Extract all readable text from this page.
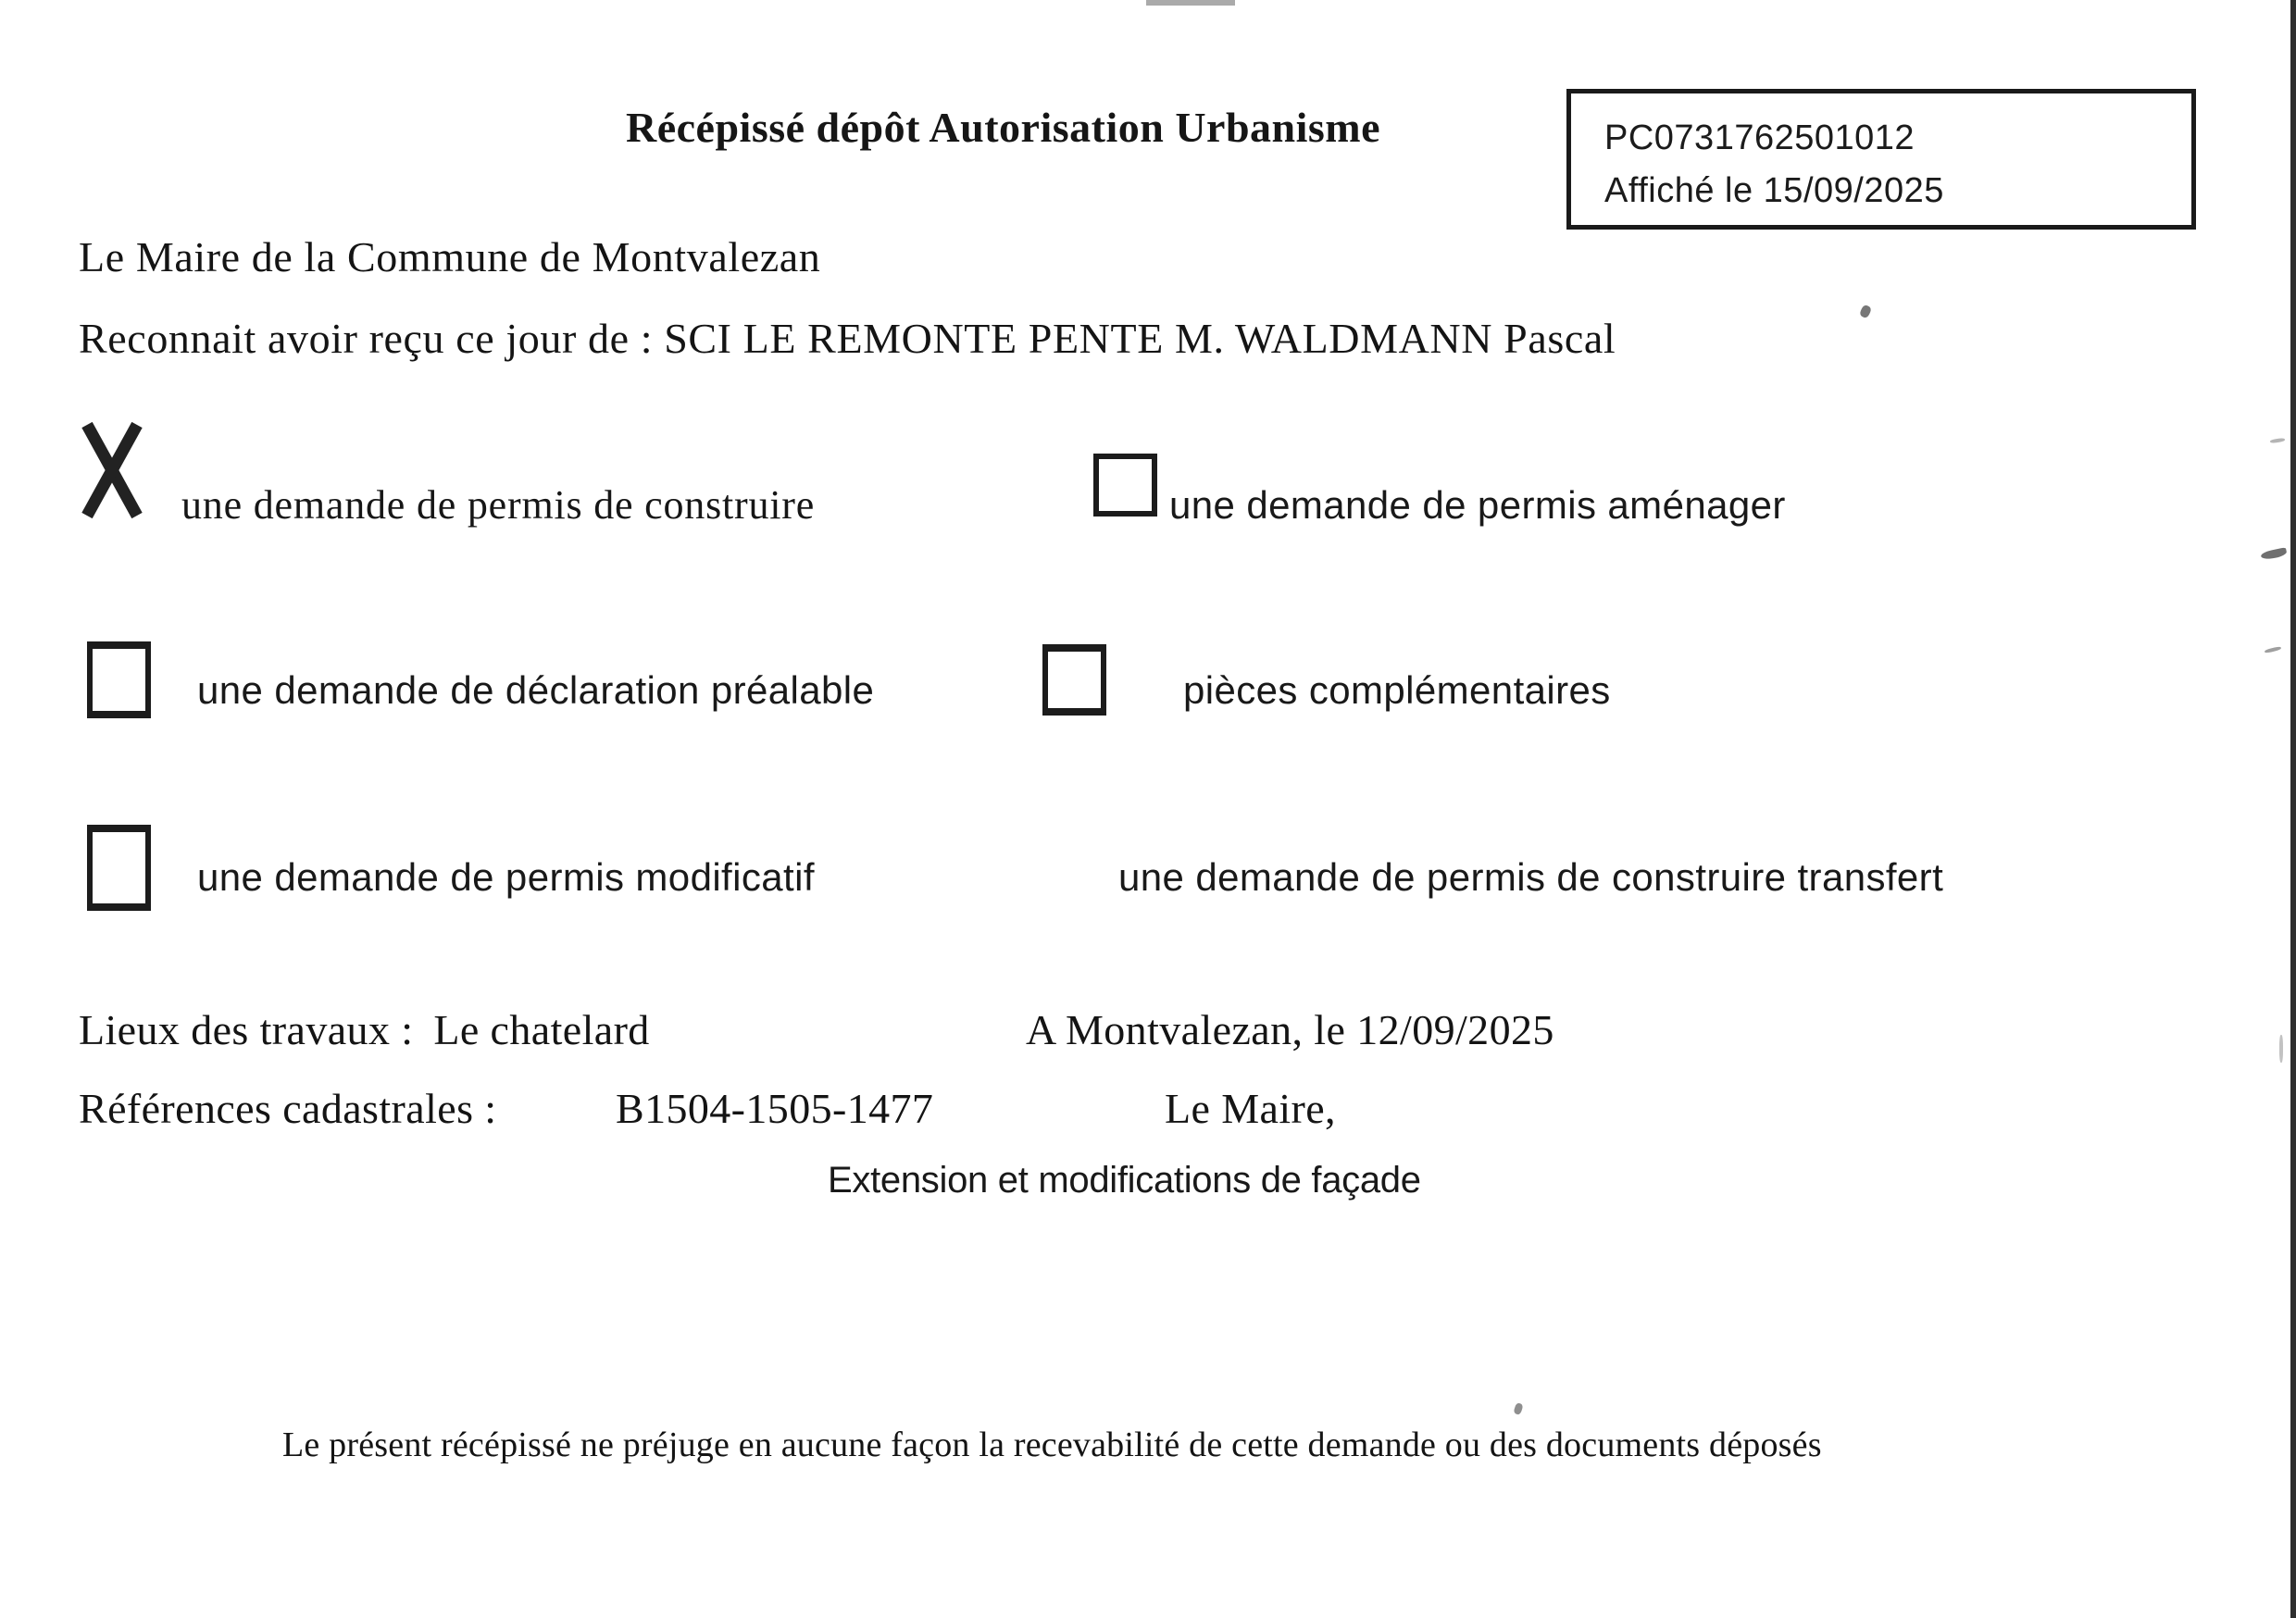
Récépissé dépôt Autorisation Urbanisme	PC0731762501012
Affiché le 15/09/2025
Le Maire de la Commune de Montvalezan
Reconnait avoir reçu ce jour de : SCI LE REMONTE PENTE M. WALDMANN Pascal
une demande de permis de construire	une demande de permis aménager
une demande de déclaration préalable	pièces complémentaires
une demande de permis modificatif	une demande de permis de construire transfert
Lieux des travaux : Le chatelard	A Montvalezan, le 12/09/2025
Références cadastrales :	B1504-1505-1477	Le Maire,
Extension et modifications de façade
Le présent récépissé ne préjuge en aucune façon la recevabilité de cette demande ou des documents déposés
